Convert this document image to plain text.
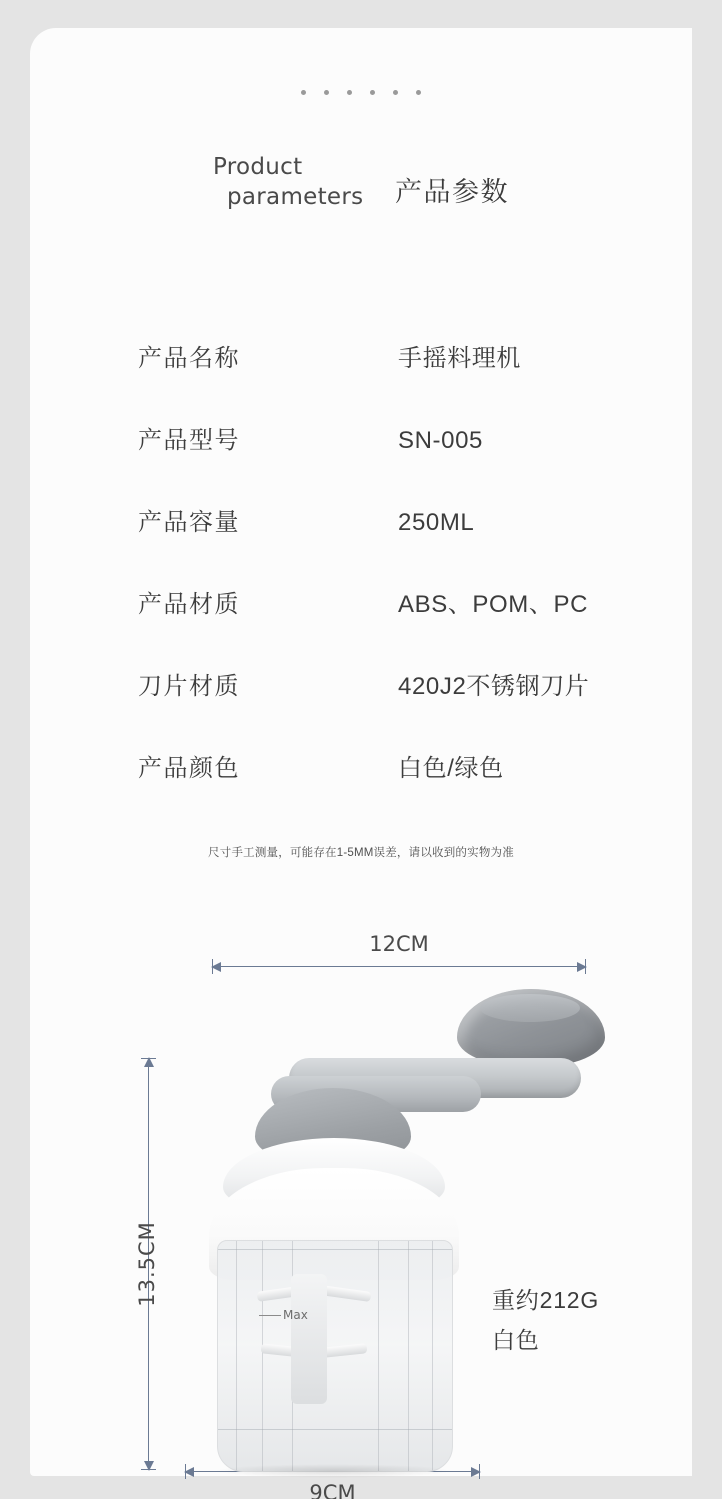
Product
parameters	产品参数
产品名称	手摇料理机
产品型号	SN-005
产品容量	250ML
产品材质	ABS、POM、PC
刀片材质	420J2不锈钢刀片
产品颜色	白色/绿色
尺寸手工测量，可能存在1-5MM误差，请以收到的实物为准
12CM
13.5CM
9CM
重约212G
白色
Max
